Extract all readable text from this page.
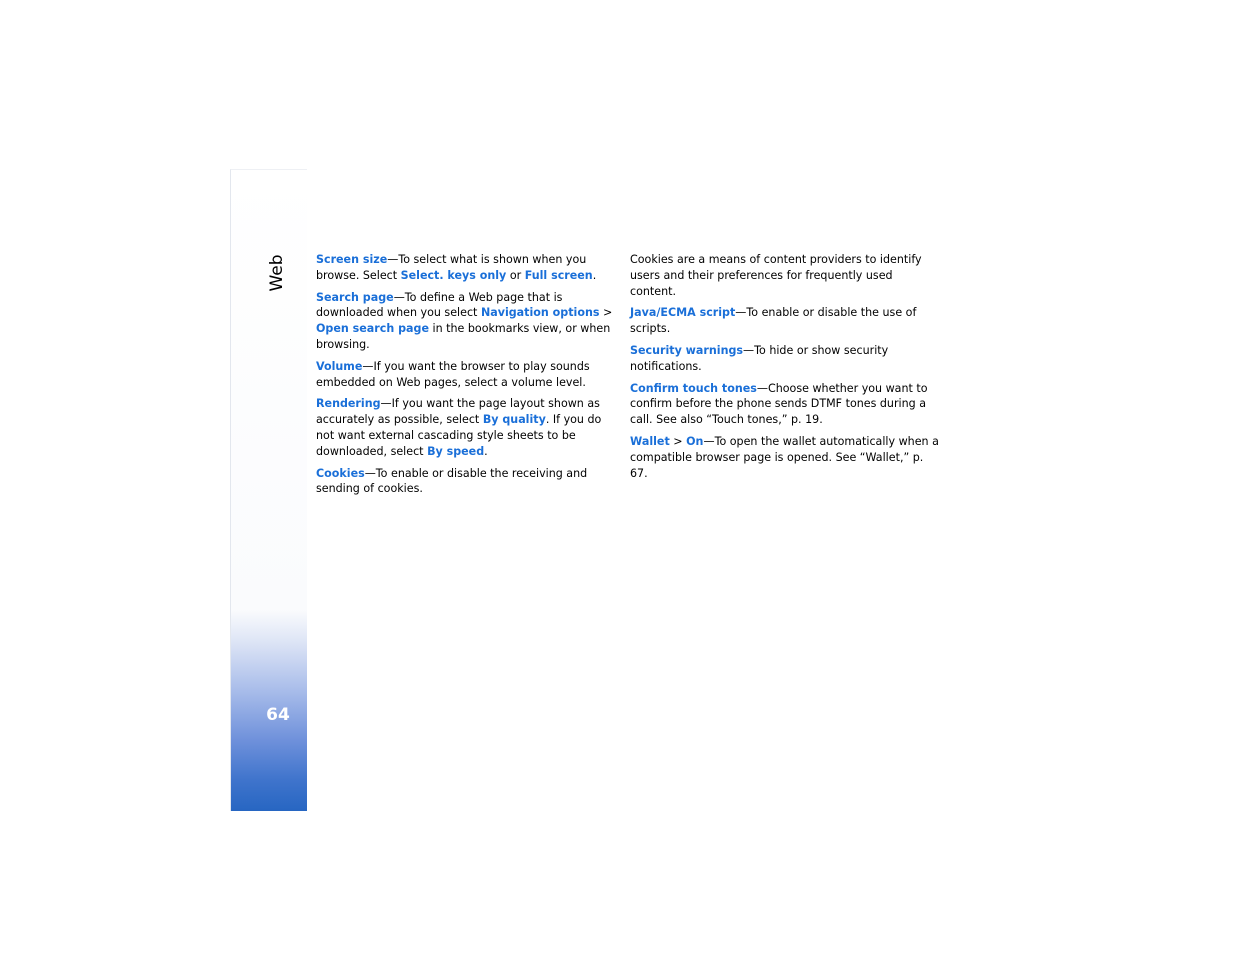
Web
64

Screen size—To select what is shown when you browse. Select Select. keys only or Full screen.

Search page—To define a Web page that is downloaded when you select Navigation options > Open search page in the bookmarks view, or when browsing.

Volume—If you want the browser to play sounds embedded on Web pages, select a volume level.

Rendering—If you want the page layout shown as accurately as possible, select By quality. If you do not want external cascading style sheets to be downloaded, select By speed.

Cookies—To enable or disable the receiving and sending of cookies.

Cookies are a means of content providers to identify users and their preferences for frequently used content.

Java/ECMA script—To enable or disable the use of scripts.

Security warnings—To hide or show security notifications.

Confirm touch tones—Choose whether you want to confirm before the phone sends DTMF tones during a call. See also “Touch tones,” p. 19.

Wallet > On—To open the wallet automatically when a compatible browser page is opened. See “Wallet,” p. 67.
